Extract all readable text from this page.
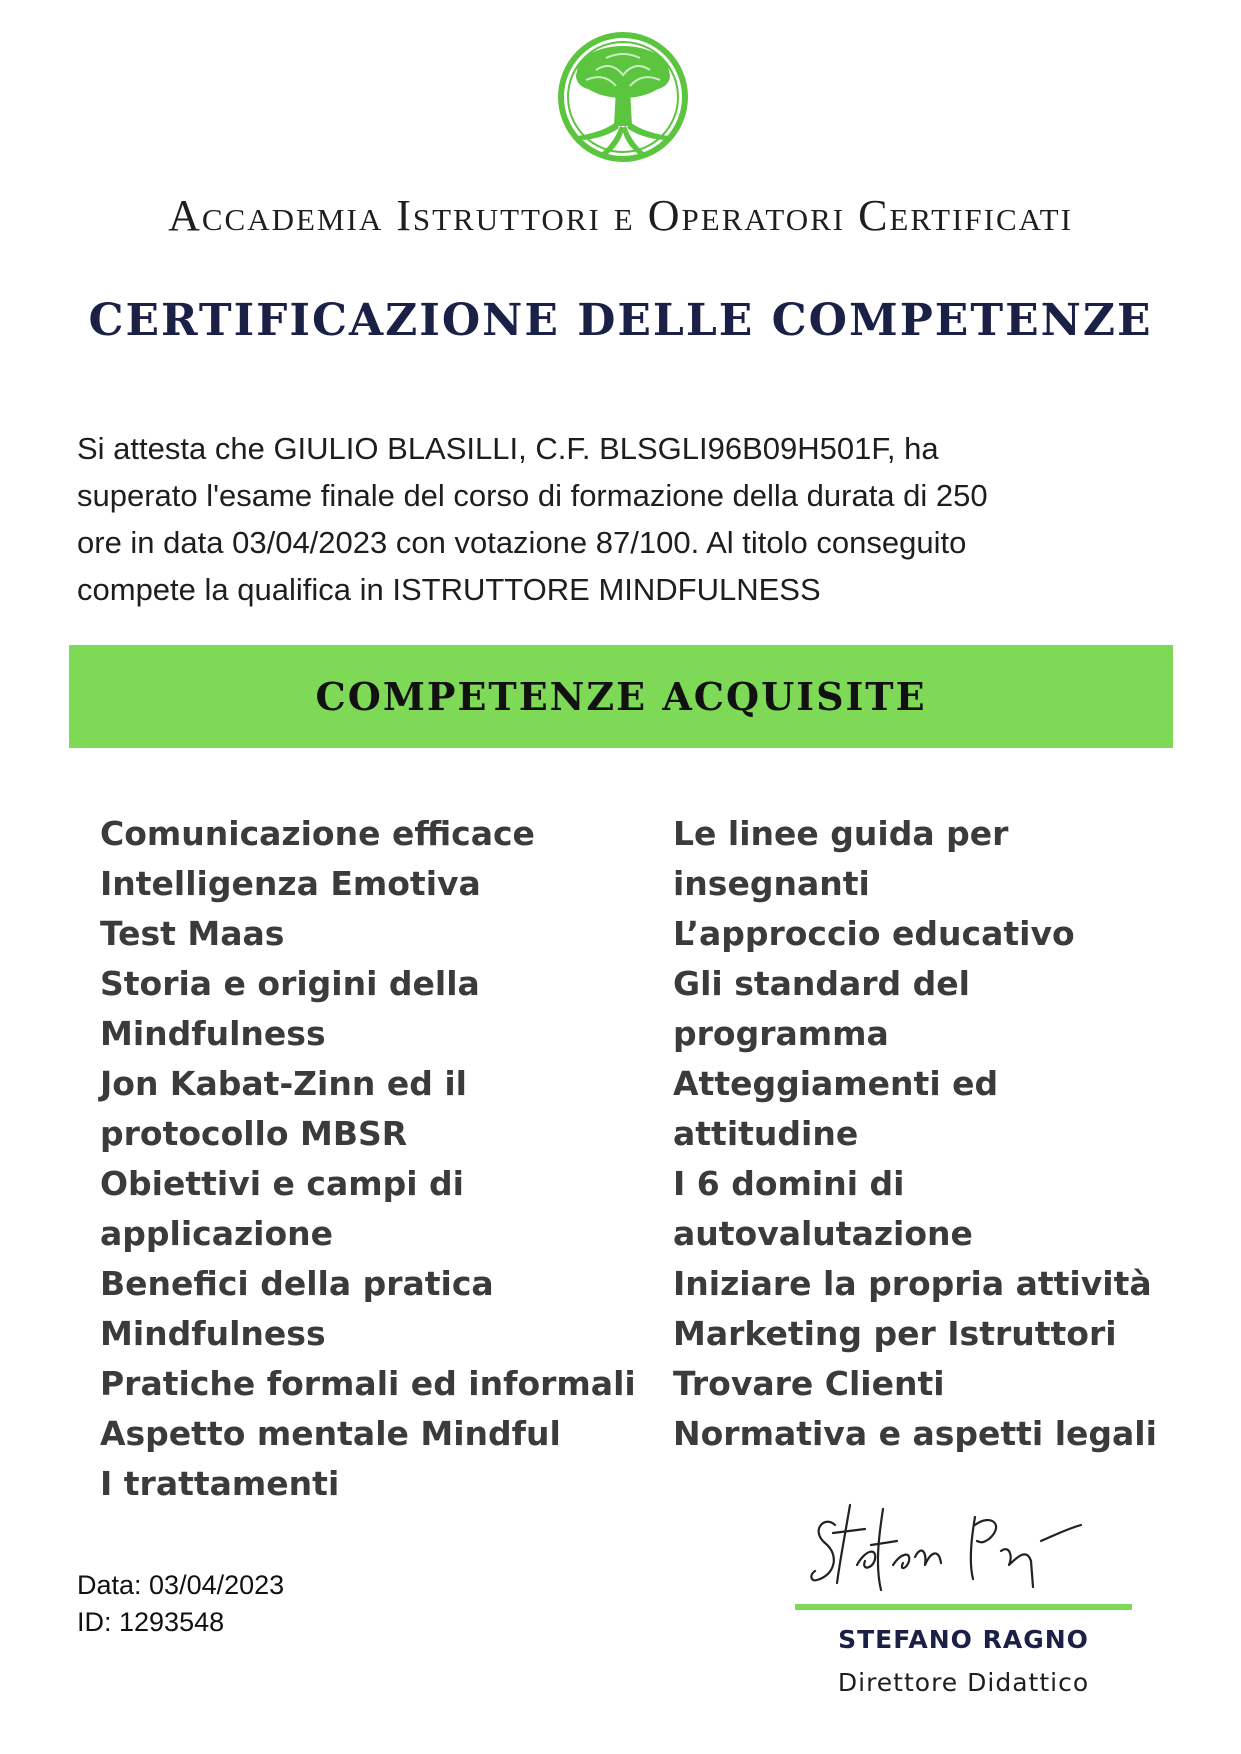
Accademia Istruttori e Operatori Certificati
CERTIFICAZIONE DELLE COMPETENZE
Si attesta che GIULIO BLASILLI, C.F. BLSGLI96B09H501F, ha
superato l'esame finale del corso di formazione della durata di 250
ore in data 03/04/2023 con votazione 87/100. Al titolo conseguito
compete la qualifica in ISTRUTTORE MINDFULNESS
COMPETENZE ACQUISITE
Comunicazione efficace
Intelligenza Emotiva
Test Maas
Storia e origini della
Mindfulness
Jon Kabat-Zinn ed il
protocollo MBSR
Obiettivi e campi di
applicazione
Benefici della pratica
Mindfulness
Pratiche formali ed informali
Aspetto mentale Mindful
I trattamenti
Le linee guida per
insegnanti
L’approccio educativo
Gli standard del
programma
Atteggiamenti ed attitudine
I 6 domini di
autovalutazione
Iniziare la propria attività
Marketing per Istruttori
Trovare Clienti
Normativa e aspetti legali
Data: 03/04/2023
ID: 1293548
STEFANO RAGNO
Direttore Didattico
